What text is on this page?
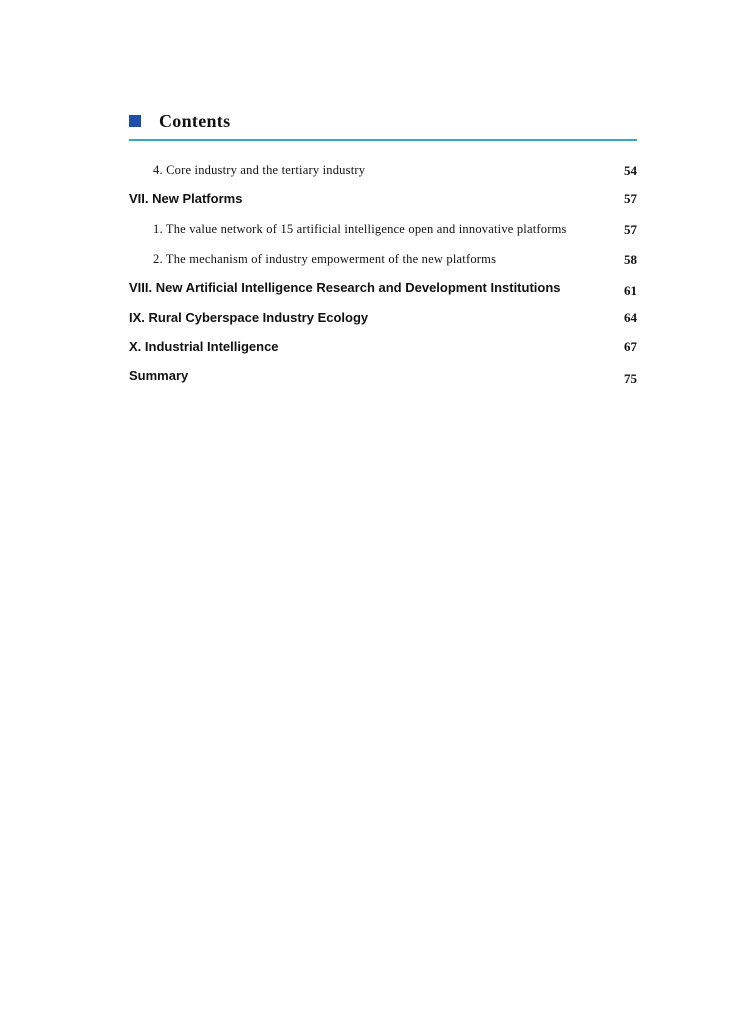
Contents
4. Core industry and the tertiary industry	54
VII. New Platforms	57
1. The value network of 15 artificial intelligence open and innovative platforms	57
2. The mechanism of industry empowerment of the new platforms	58
VIII. New Artificial Intelligence Research and Development Institutions	61
IX. Rural Cyberspace Industry Ecology	64
X. Industrial Intelligence	67
Summary	75
